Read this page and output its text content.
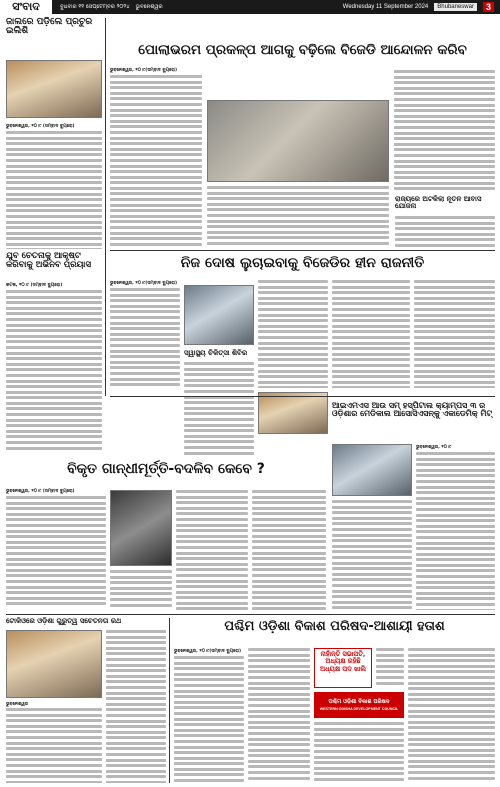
ସଂବାଦ	ବୁଧବାର ୧୧ ସେପ୍ଟେମ୍ବର ୨୦୨୪ ଭୁବନେଶ୍ୱର	Wednesday 11 September 2024	Bhubaneswar	3
ଜାଲରେ ପଡ଼ିଲେ ପ୍ରଚୁର ଇଲିଶି
ଭୁବନେଶ୍ୱର, ୧୦।୯ (ସମ୍ବାଦ ବ୍ୟୁରୋ)
ପୋଲାଭରମ ପ୍ରକଳ୍ପ ଆଗକୁ ବଢ଼ିଲେ ବିଜେଡି ଆନ୍ଦୋଳନ କରିବ
ଭୁବନେଶ୍ୱର, ୧୦।୯(ସମ୍ବାଦ ବ୍ୟୁରୋ)
ରାଜ୍ୟରେ ଅଟକିଲା ନୂତନ ଆବାସ ଯୋଜନା
ଯୁବ ଚେତନାକୁ ଆକୃଷ୍ଟ କରିବାକୁ ଅଭିନବ ପ୍ରୟାସ
କଟକ, ୧୦।୯ (ସମ୍ବାଦ ବ୍ୟୁରୋ)
ନିଜ ଦୋଷ ଲୁଚାଇବାକୁ ବିଜେଡିର ହୀନ ରାଜନୀତି
ଭୁବନେଶ୍ୱର, ୧୦।୯(ସମ୍ବାଦ ବ୍ୟୁରୋ)
ସ୍ୱାସ୍ଥ୍ୟ ଚିକିତ୍ସା ଶିବିର
ଆଇଏମଏସ ଆଉ ସମ୍ ହସ୍ପିଟାଲ କ୍ୟାମ୍ପସ ୩ ର ଓଡ଼ିଶାର ମେଡିକାଲ ଆସୋସିଏସନ୍‌କୁ ଏକାଡେମିକ୍ ମିଟ୍
ଭୁବନେଶ୍ୱର, ୧୦।୯
ବିକୃତ ଗାନ୍ଧୀମୂର୍ତ୍ତି-ବଦଳିବ କେବେ ?
ଭୁବନେଶ୍ୱର, ୧୦।୯ (ସମ୍ବାଦ ବ୍ୟୁରୋ)
ଟୋକିଓରେ ଓଡ଼ିଶା ଗୁରୁତ୍ୱ ସଚେତନତା ରଥ
ଭୁବନେଶ୍ୱର
ପଶ୍ଚିମ ଓଡ଼ିଶା ବିକାଶ ପରିଷଦ-ଆଶାୟୀ ହତାଶ
ଭୁବନେଶ୍ୱର, ୧୦।୯(ସମ୍ବାଦ ବ୍ୟୁରୋ)	ନାହାଁନ୍ତି ସଭାପତି, ଅଧ୍ୟକ୍ଷ ରହିଛି ଅଧ୍ୟକ୍ଷ ପଦ ଖାଲି
ପଶ୍ଚିମ ଓଡ଼ିଶା ବିକାଶ ପରିଷଦ
WESTERN ODISHA DEVELOPMENT COUNCIL
